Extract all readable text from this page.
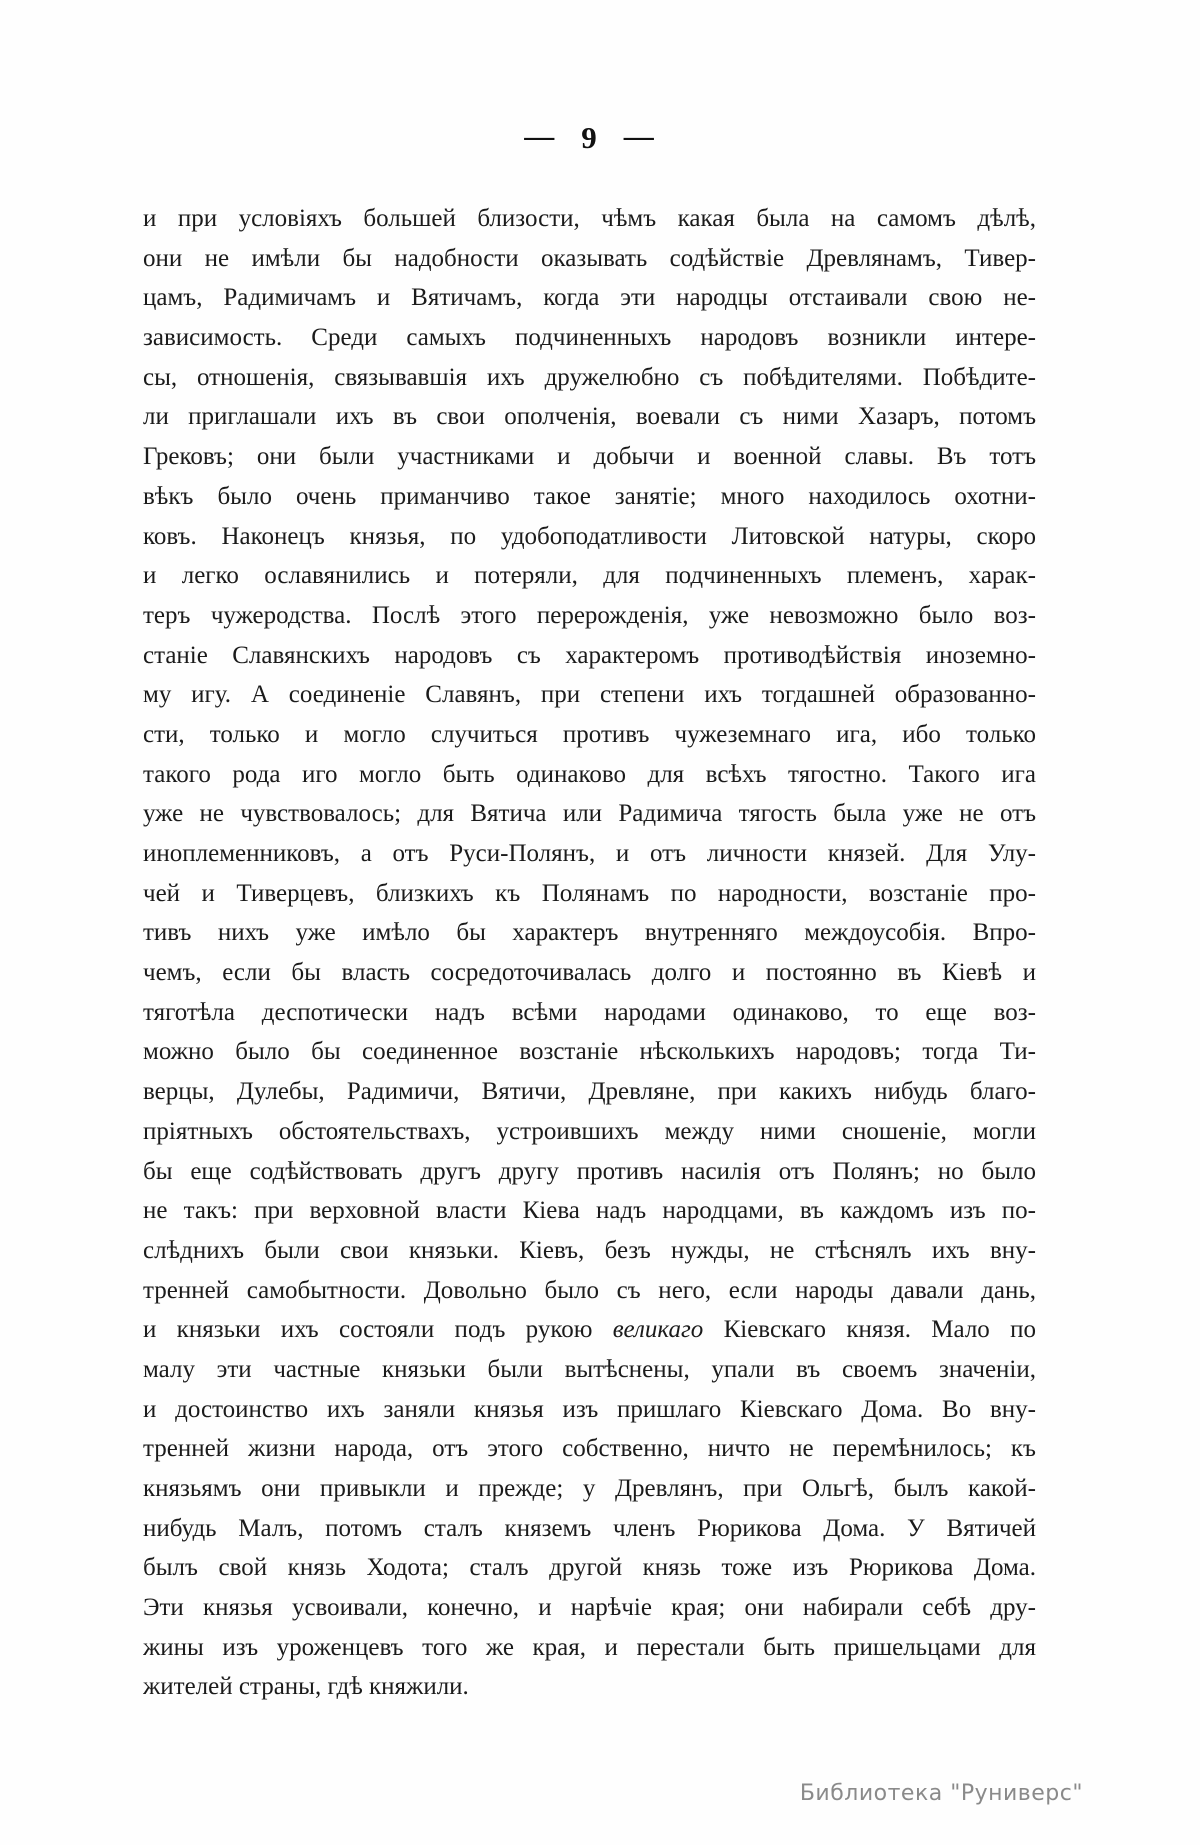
— 9 —
и при условіяхъ большей близости, чѣмъ какая была на самомъ дѣлѣ,
они не имѣли бы надобности оказывать содѣйствіе Древлянамъ, Тивер-
цамъ, Радимичамъ и Вятичамъ, когда эти народцы отстаивали свою не-
зависимость. Среди самыхъ подчиненныхъ народовъ возникли интере-
сы, отношенія, связывавшія ихъ дружелюбно съ побѣдителями. Побѣдите-
ли приглашали ихъ въ свои ополченія, воевали съ ними Хазаръ, потомъ
Грековъ; они были участниками и добычи и военной славы. Въ тотъ
вѣкъ было очень приманчиво такое занятіе; много находилось охотни-
ковъ. Наконецъ князья, по удобоподатливости Литовской натуры, скоро
и легко ославянились и потеряли, для подчиненныхъ племенъ, харак-
теръ чужеродства. Послѣ этого перерожденія, уже невозможно было воз-
станіе Славянскихъ народовъ съ характеромъ противодѣйствія иноземно-
му игу. А соединеніе Славянъ, при степени ихъ тогдашней образованно-
сти, только и могло случиться противъ чужеземнаго ига, ибо только
такого рода иго могло быть одинаково для всѣхъ тягостно. Такого ига
уже не чувствовалось; для Вятича или Радимича тягость была уже не отъ
иноплеменниковъ, а отъ Руси-Полянъ, и отъ личности князей. Для Улу-
чей и Тиверцевъ, близкихъ къ Полянамъ по народности, возстаніе про-
тивъ нихъ уже имѣло бы характеръ внутренняго междоусобія. Впро-
чемъ, если бы власть сосредоточивалась долго и постоянно въ Кіевѣ и
тяготѣла деспотически надъ всѣми народами одинаково, то еще воз-
можно было бы соединенное возстаніе нѣсколькихъ народовъ; тогда Ти-
верцы, Дулебы, Радимичи, Вятичи, Древляне, при какихъ нибудь благо-
пріятныхъ обстоятельствахъ, устроившихъ между ними сношеніе, могли
бы еще содѣйствовать другъ другу противъ насилія отъ Полянъ; но было
не такъ: при верховной власти Кіева надъ народцами, въ каждомъ изъ по-
слѣднихъ были свои князьки. Кіевъ, безъ нужды, не стѣснялъ ихъ вну-
тренней самобытности. Довольно было съ него, если народы давали дань,
и князьки ихъ состояли подъ рукою великаго Кіевскаго князя. Мало по
малу эти частные князьки были вытѣснены, упали въ своемъ значеніи,
и достоинство ихъ заняли князья изъ пришлаго Кіевскаго Дома. Во вну-
тренней жизни народа, отъ этого собственно, ничто не перемѣнилось; къ
князьямъ они привыкли и прежде; у Древлянъ, при Ольгѣ, былъ какой-
нибудь Малъ, потомъ сталъ княземъ членъ Рюрикова Дома. У Вятичей
былъ свой князь Ходота; сталъ другой князь тоже изъ Рюрикова Дома.
Эти князья усвоивали, конечно, и нарѣчіе края; они набирали себѣ дру-
жины изъ уроженцевъ того же края, и перестали быть пришельцами для
жителей страны, гдѣ княжили.
Библиотека "Руниверс"
